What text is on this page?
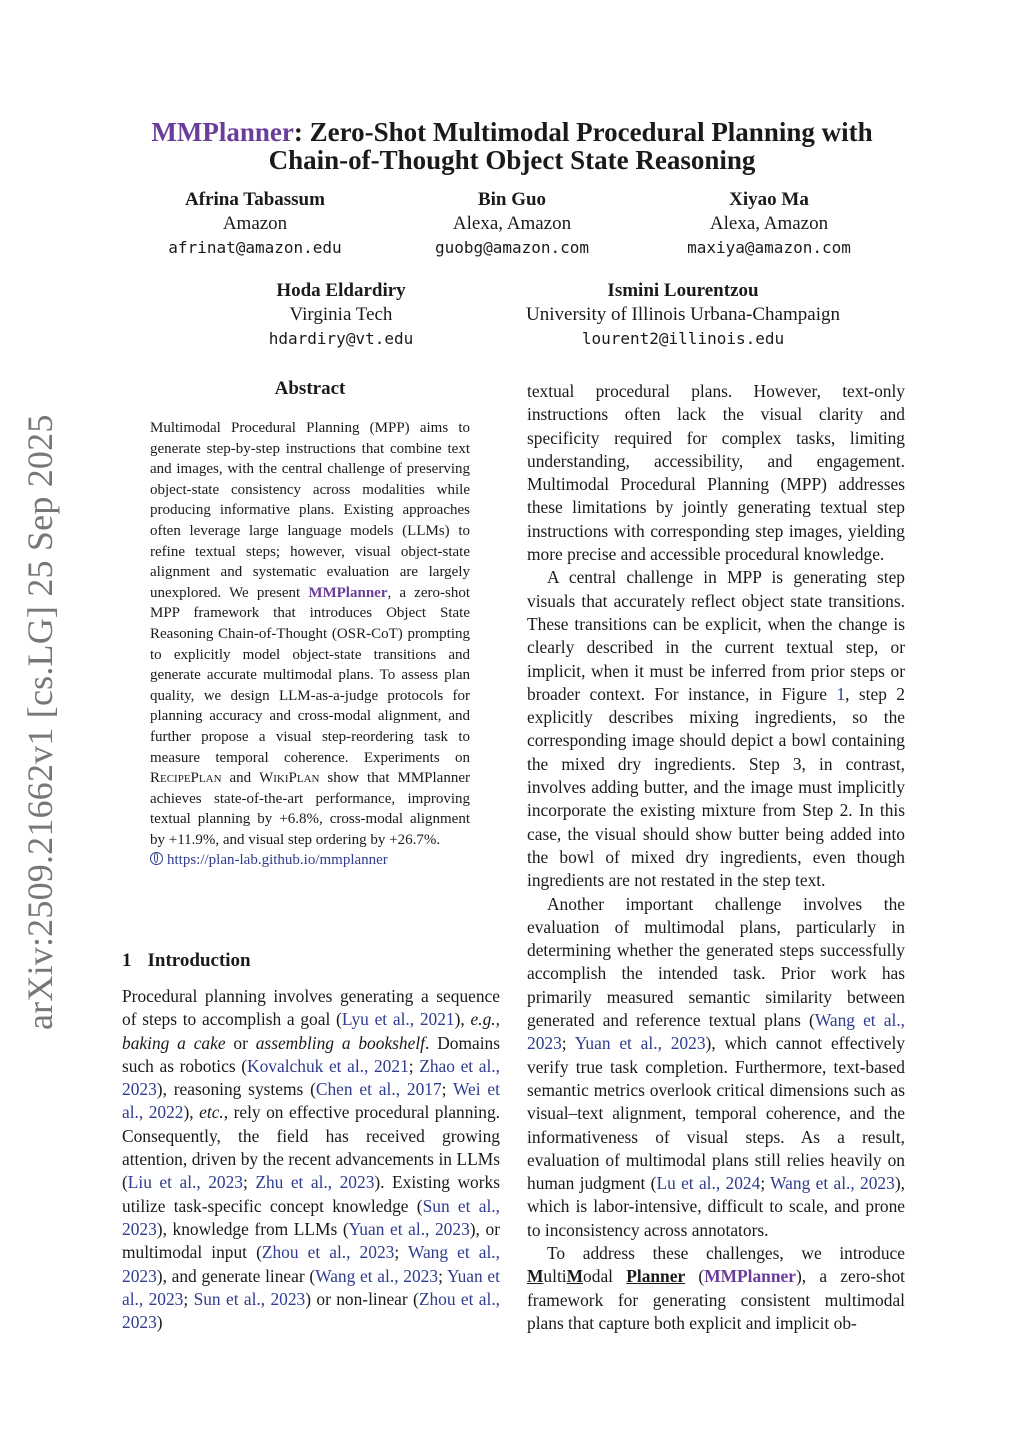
arXiv:2509.21662v1 [cs.LG] 25 Sep 2025
MMPlanner: Zero-Shot Multimodal Procedural Planning with
Chain-of-Thought Object State Reasoning
Afrina Tabassum
Amazon
afrinat@amazon.edu
Bin Guo
Alexa, Amazon
guobg@amazon.com
Xiyao Ma
Alexa, Amazon
maxiya@amazon.com
Hoda Eldardiry
Virginia Tech
hdardiry@vt.edu
Ismini Lourentzou
University of Illinois Urbana-Champaign
lourent2@illinois.edu
Abstract
Multimodal Procedural Planning (MPP) aims to generate step-by-step instructions that combine text and images, with the central challenge of preserving object-state consistency across modalities while producing informative plans. Existing approaches often leverage large language models (LLMs) to refine textual steps; however, visual object-state alignment and systematic evaluation are largely unexplored. We present MMPlanner, a zero-shot MPP framework that introduces Object State Reasoning Chain-of-Thought (OSR-CoT) prompting to explicitly model object-state transitions and generate accurate multimodal plans. To assess plan quality, we design LLM-as-a-judge protocols for planning accuracy and cross-modal alignment, and further propose a visual step-reordering task to measure temporal coherence. Experiments on RecipePlan and WikiPlan show that MMPlanner achieves state-of-the-art performance, improving textual planning by +6.8%, cross-modal alignment by +11.9%, and visual step ordering by +26.7%.
https://plan-lab.github.io/mmplanner
1 Introduction

Procedural planning involves generating a sequence of steps to accomplish a goal (Lyu et al., 2021), e.g., baking a cake or assembling a bookshelf. Domains such as robotics (Kovalchuk et al., 2021; Zhao et al., 2023), reasoning systems (Chen et al., 2017; Wei et al., 2022), etc., rely on effective procedural planning. Consequently, the field has received growing attention, driven by the recent advancements in LLMs (Liu et al., 2023; Zhu et al., 2023). Existing works utilize task-specific concept knowledge (Sun et al., 2023), knowledge from LLMs (Yuan et al., 2023), or multimodal input (Zhou et al., 2023; Wang et al., 2023), and generate linear (Wang et al., 2023; Yuan et al., 2023; Sun et al., 2023) or non-linear (Zhou et al., 2023)

textual procedural plans. However, text-only instructions often lack the visual clarity and specificity required for complex tasks, limiting understanding, accessibility, and engagement. Multimodal Procedural Planning (MPP) addresses these limitations by jointly generating textual step instructions with corresponding step images, yielding more precise and accessible procedural knowledge.

A central challenge in MPP is generating step visuals that accurately reflect object state transitions. These transitions can be explicit, when the change is clearly described in the current textual step, or implicit, when it must be inferred from prior steps or broader context. For instance, in Figure 1, step 2 explicitly describes mixing ingredients, so the corresponding image should depict a bowl containing the mixed dry ingredients. Step 3, in contrast, involves adding butter, and the image must implicitly incorporate the existing mixture from Step 2. In this case, the visual should show butter being added into the bowl of mixed dry ingredients, even though ingredients are not restated in the step text.

Another important challenge involves the evaluation of multimodal plans, particularly in determining whether the generated steps successfully accomplish the intended task. Prior work has primarily measured semantic similarity between generated and reference textual plans (Wang et al., 2023; Yuan et al., 2023), which cannot effectively verify true task completion. Furthermore, text-based semantic metrics overlook critical dimensions such as visual–text alignment, temporal coherence, and the informativeness of visual steps. As a result, evaluation of multimodal plans still relies heavily on human judgment (Lu et al., 2024; Wang et al., 2023), which is labor-intensive, difficult to scale, and prone to inconsistency across annotators.

To address these challenges, we introduce MultiModal Planner (MMPlanner), a zero-shot framework for generating consistent multimodal plans that capture both explicit and implicit ob-
